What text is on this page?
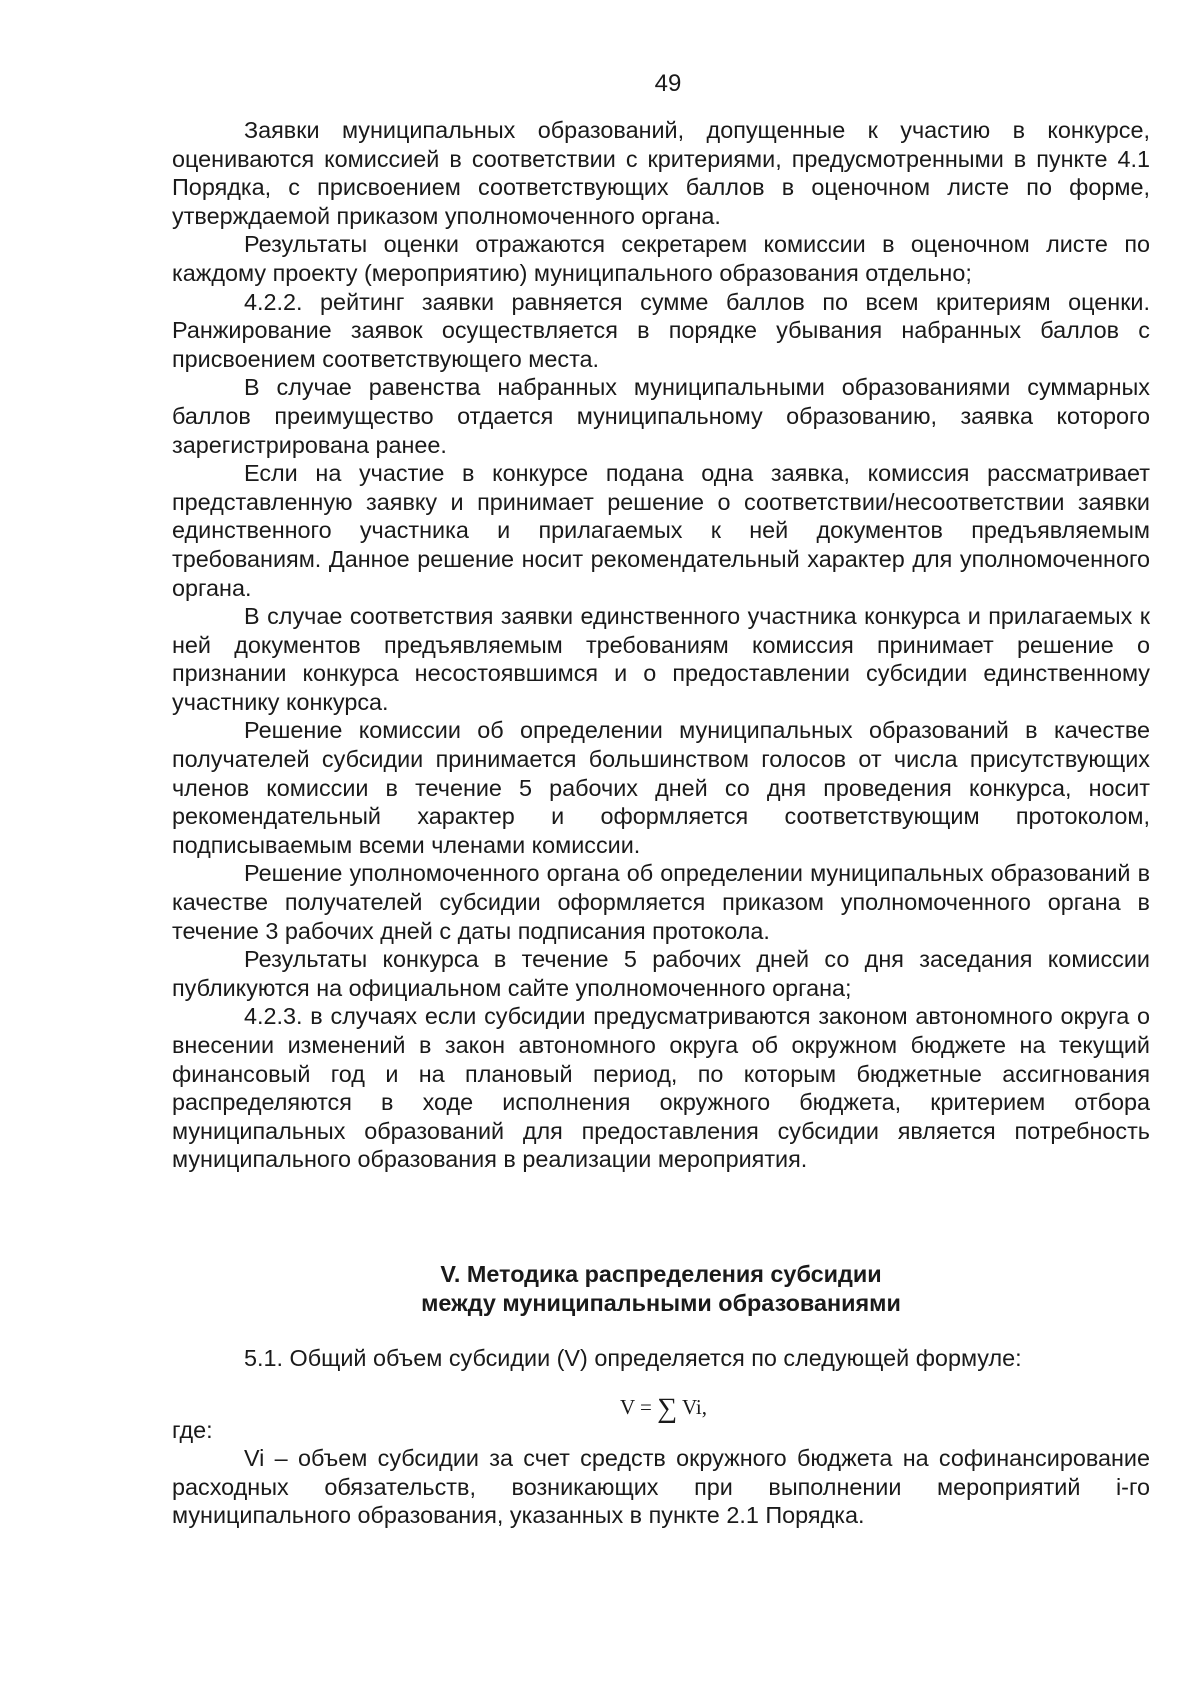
49

Заявки муниципальных образований, допущенные к участию в конкурсе, оцениваются комиссией в соответствии с критериями, предусмотренными в пункте 4.1 Порядка, с присвоением соответствующих баллов в оценочном листе по форме, утверждаемой приказом уполномоченного органа.

Результаты оценки отражаются секретарем комиссии в оценочном листе по каждому проекту (мероприятию) муниципального образования отдельно;

4.2.2. рейтинг заявки равняется сумме баллов по всем критериям оценки. Ранжирование заявок осуществляется в порядке убывания набранных баллов с присвоением соответствующего места.

В случае равенства набранных муниципальными образованиями суммарных баллов преимущество отдается муниципальному образованию, заявка которого зарегистрирована ранее.

Если на участие в конкурсе подана одна заявка, комиссия рассматривает представленную заявку и принимает решение о соответствии/несоответствии заявки единственного участника и прилагаемых к ней документов предъявляемым требованиям. Данное решение носит рекомендательный характер для уполномоченного органа.

В случае соответствия заявки единственного участника конкурса и прилагаемых к ней документов предъявляемым требованиям комиссия принимает решение о признании конкурса несостоявшимся и о предоставлении субсидии единственному участнику конкурса.

Решение комиссии об определении муниципальных образований в качестве получателей субсидии принимается большинством голосов от числа присутствующих членов комиссии в течение 5 рабочих дней со дня проведения конкурса, носит рекомендательный характер и оформляется соответствующим протоколом, подписываемым всеми членами комиссии.

Решение уполномоченного органа об определении муниципальных образований в качестве получателей субсидии оформляется приказом уполномоченного органа в течение 3 рабочих дней с даты подписания протокола.

Результаты конкурса в течение 5 рабочих дней со дня заседания комиссии публикуются на официальном сайте уполномоченного органа;

4.2.3. в случаях если субсидии предусматриваются законом автономного округа о внесении изменений в закон автономного округа об окружном бюджете на текущий финансовый год и на плановый период, по которым бюджетные ассигнования распределяются в ходе исполнения окружного бюджета, критерием отбора муниципальных образований для предоставления субсидии является потребность муниципального образования в реализации мероприятия.

V. Методика распределения субсидии
между муниципальными образованиями

5.1. Общий объем субсидии (V) определяется по следующей формуле:

V = ∑ Vi,
где:

Vi – объем субсидии за счет средств окружного бюджета на софинансирование расходных обязательств, возникающих при выполнении мероприятий i-го муниципального образования, указанных в пункте 2.1 Порядка.
